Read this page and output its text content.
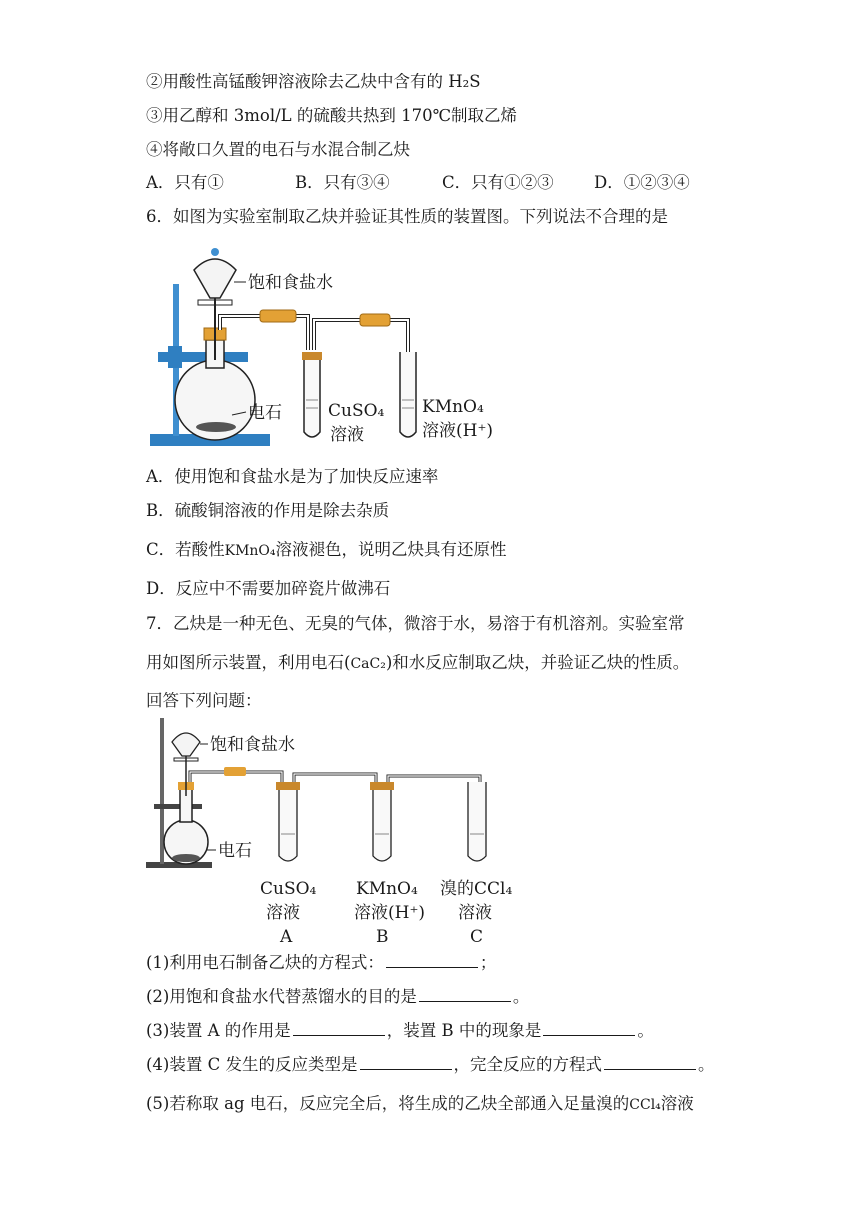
②用酸性高锰酸钾溶液除去乙炔中含有的 H₂S
③用乙醇和 3mol/L 的硫酸共热到 170℃制取乙烯
④将敞口久置的电石与水混合制乙炔
A．只有①	B．只有③④	C．只有①②③ D．①②③④
6．如图为实验室制取乙炔并验证其性质的装置图。下列说法不合理的是
饱和食盐水
电石	CuSO₄
溶液
KMnO₄
溶液(H⁺)
A．使用饱和食盐水是为了加快反应速率
B．硫酸铜溶液的作用是除去杂质
C．若酸性KMnO₄溶液褪色，说明乙炔具有还原性
D．反应中不需要加碎瓷片做沸石
7．乙炔是一种无色、无臭的气体，微溶于水，易溶于有机溶剂。实验室常
用如图所示装置，利用电石(CaC₂)和水反应制取乙炔，并验证乙炔的性质。
回答下列问题：
饱和食盐水
电石
CuSO₄
溶液
A
KMnO₄
溶液(H⁺)
B
溴的CCl₄
溶液
C
(1)利用电石制备乙炔的方程式：	；
(2)用饱和食盐水代替蒸馏水的目的是	。
(3)装置 A 的作用是	，装置 B 中的现象是	。
(4)装置 C 发生的反应类型是	，完全反应的方程式	。
(5)若称取 ag 电石，反应完全后，将生成的乙炔全部通入足量溴的CCl₄溶液
